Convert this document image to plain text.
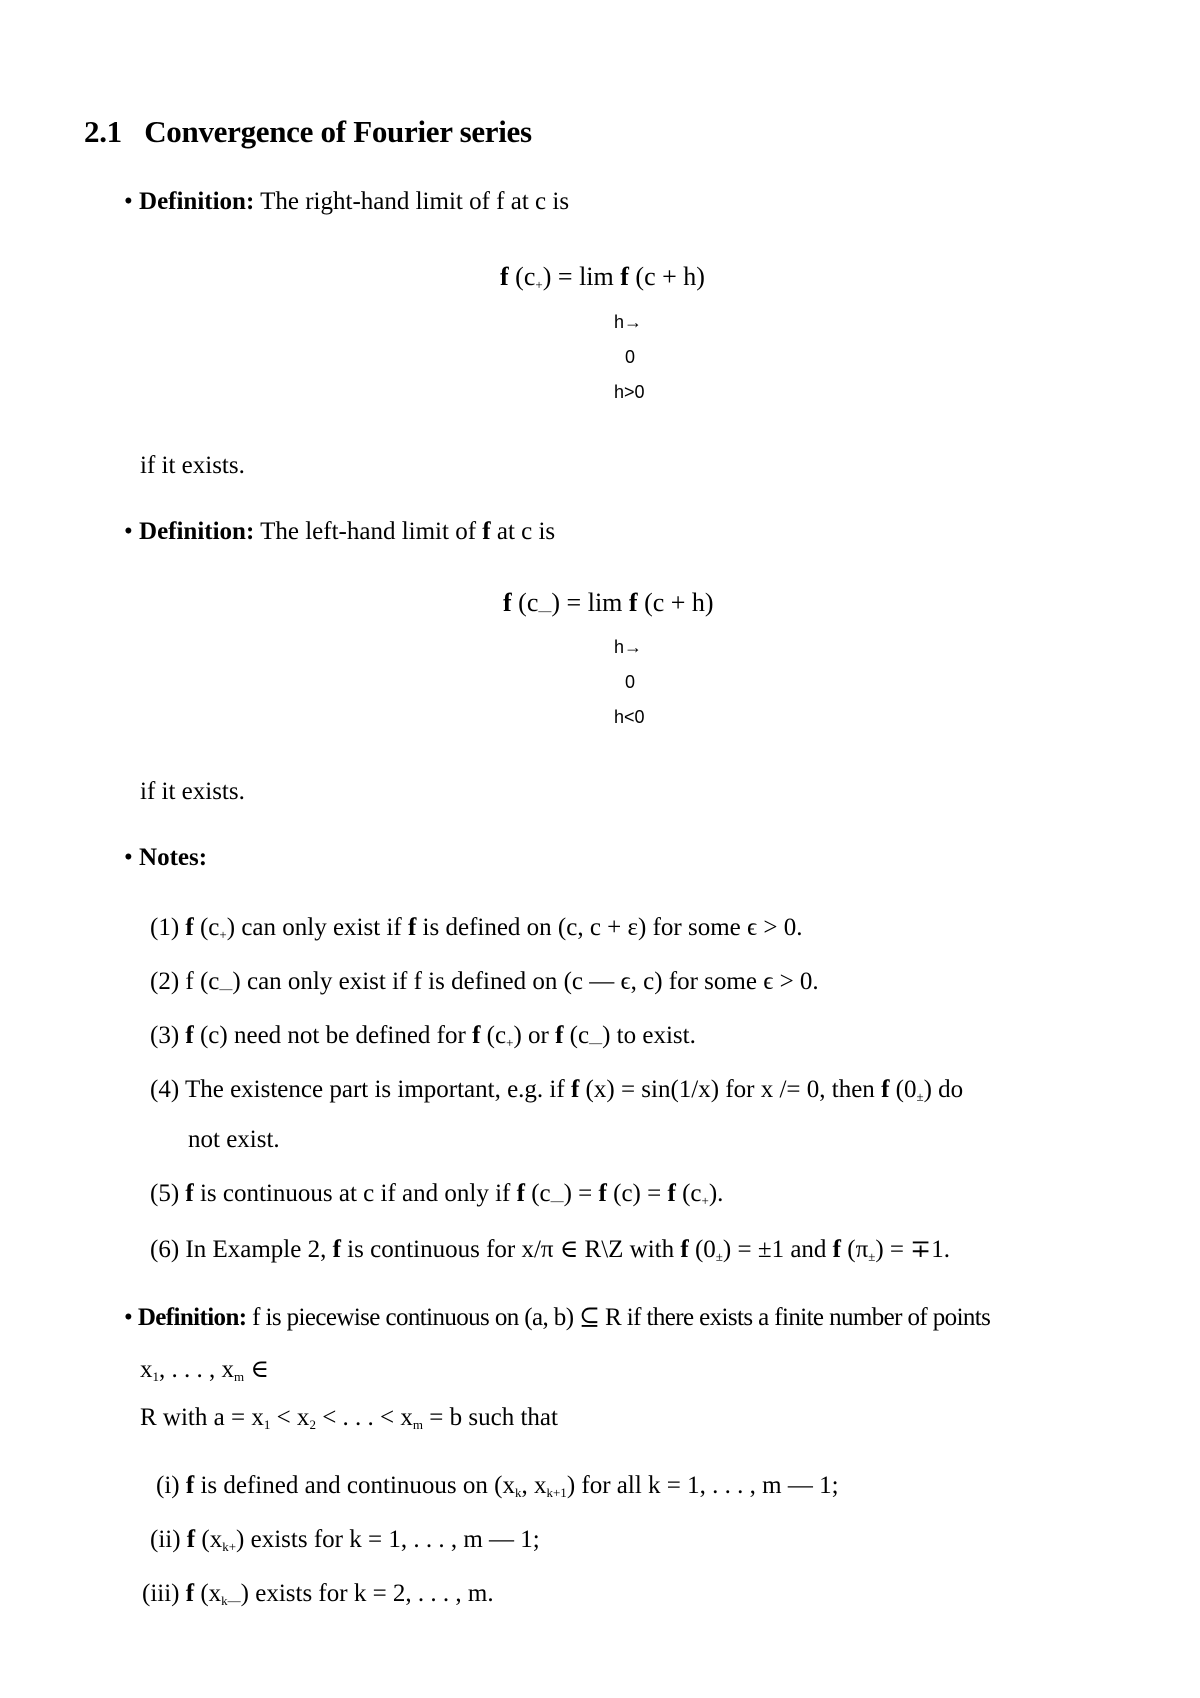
2.1 Convergence of Fourier series
• Definition: The right-hand limit of f at c is
f $(c_+) = \lim f$ (c + h)
h→
0
h>0
if it exists.
• Definition: The left-hand limit of f at c is
f $(c_—) = \lim f$ (c + h)
h→
0
h<0
if it exists.
• Notes:
(1) f $(c_+)$ can only exist if f is defined on (c, c + ε) for some ϵ > 0.
(2) f $(c_—)$ can only exist if f is defined on (c — ϵ, c) for some ϵ > 0.
(3) f (c) need not be defined for f $(c_+)$ or f $(c_—)$ to exist.
(4) The existence part is important, e.g. if f (x) = sin(1/x) for x /= 0, then f $(0_\pm)$ do
not exist.
(5) f is continuous at c if and only if f $(c_—) = f$ (c) = f $(c_+)$.
(6) In Example 2, f is continuous for x/π ∈ R\Z with f $(0_\pm) = \pm 1$ and f $(\pi_\pm) = \mp 1$.
• Definition: f is piecewise continuous on (a, b) ⊆ R if there exists a finite number of points
$x_1$, . . . , $x_m$ ∈
R with $a = x_1 < x_2$ < . . . < $x_m = b$ such that
(i) f is defined and continuous on ($x_k$, $x_{k+1}$) for all k = 1, . . . , m — 1;
(ii) f $(x_{k+})$ exists for k = 1, . . . , m — 1;
(iii) f $(x_{k—})$ exists for k = 2, . . . , m.
